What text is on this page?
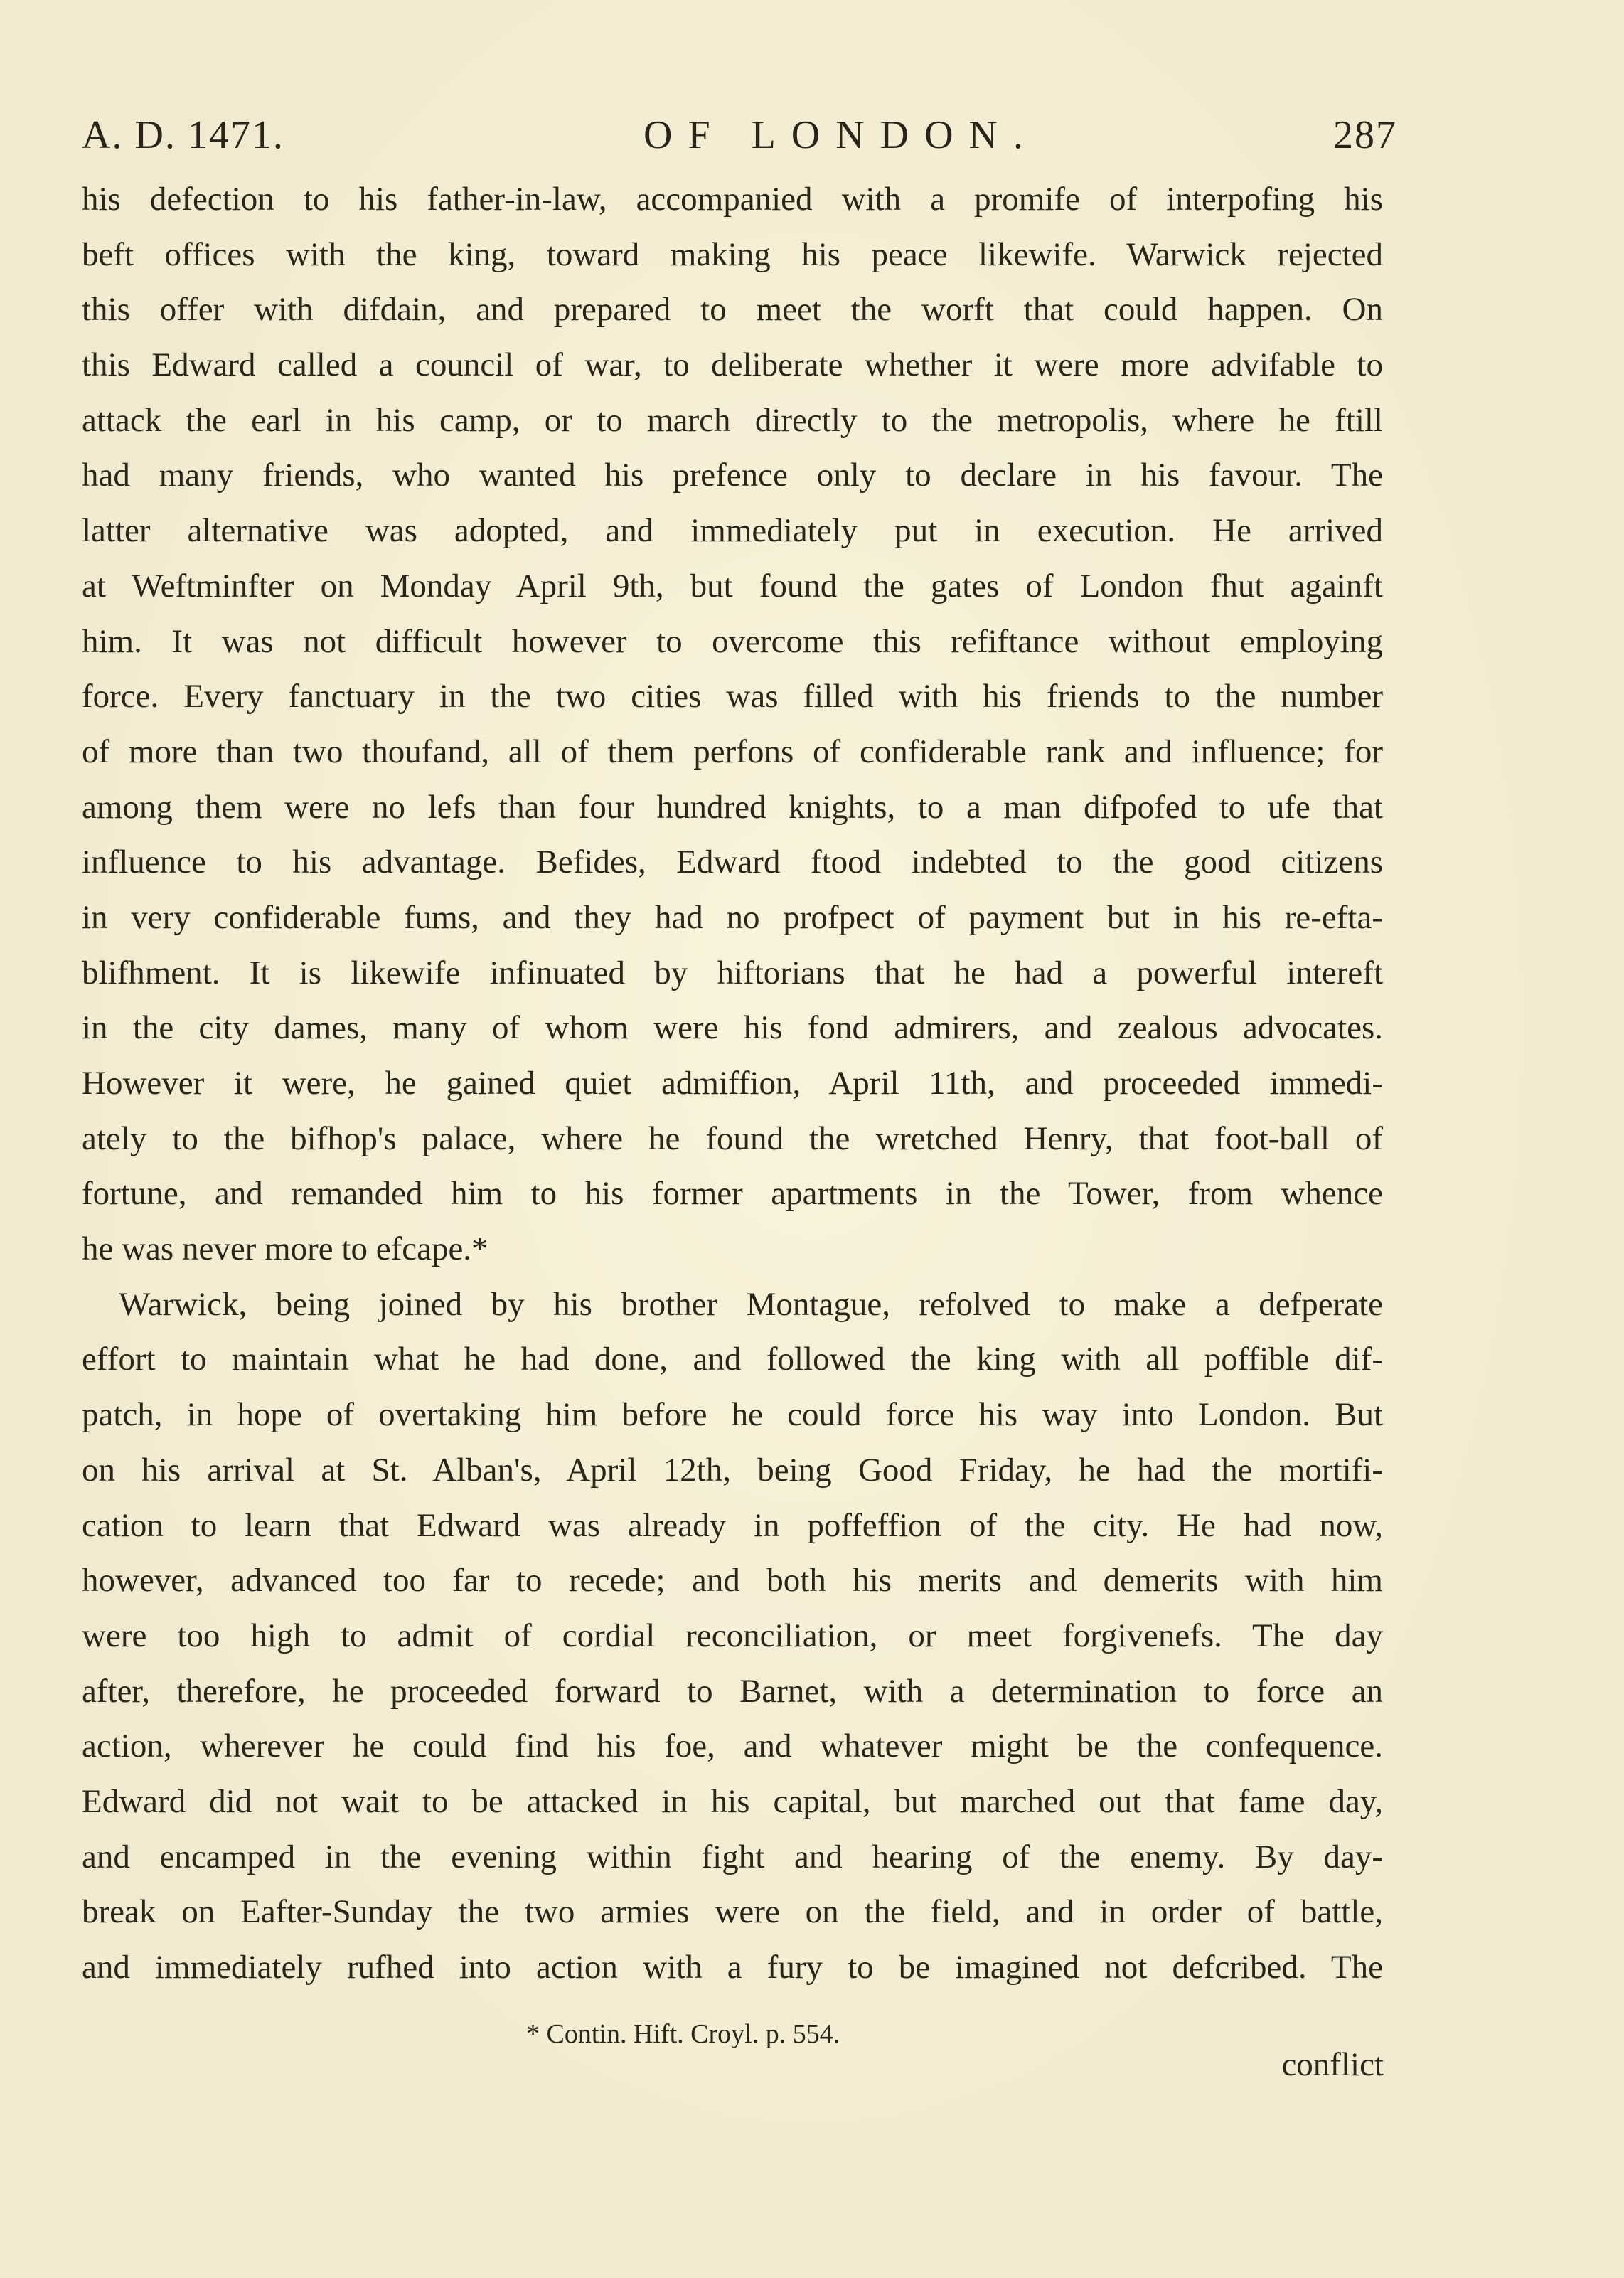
A. D. 1471.	OF LONDON.	287
his defection to his father-in-law, accompanied with a promife of interpofing his
beft offices with the king, toward making his peace likewife. Warwick rejected
this offer with difdain, and prepared to meet the worft that could happen. On
this Edward called a council of war, to deliberate whether it were more advifable to
attack the earl in his camp, or to march directly to the metropolis, where he ftill
had many friends, who wanted his prefence only to declare in his favour. The
latter alternative was adopted, and immediately put in execution. He arrived
at Weftminfter on Monday April 9th, but found the gates of London fhut againft
him. It was not difficult however to overcome this refiftance without employing
force. Every fanctuary in the two cities was filled with his friends to the number
of more than two thoufand, all of them perfons of confiderable rank and influence; for
among them were no lefs than four hundred knights, to a man difpofed to ufe that
influence to his advantage. Befides, Edward ftood indebted to the good citizens
in very confiderable fums, and they had no profpect of payment but in his re-efta-
blifhment. It is likewife infinuated by hiftorians that he had a powerful intereft
in the city dames, many of whom were his fond admirers, and zealous advocates.
However it were, he gained quiet admiffion, April 11th, and proceeded immedi-
ately to the bifhop's palace, where he found the wretched Henry, that foot-ball of
fortune, and remanded him to his former apartments in the Tower, from whence
he was never more to efcape.*
Warwick, being joined by his brother Montague, refolved to make a defperate
effort to maintain what he had done, and followed the king with all poffible dif-
patch, in hope of overtaking him before he could force his way into London. But
on his arrival at St. Alban's, April 12th, being Good Friday, he had the mortifi-
cation to learn that Edward was already in poffeffion of the city. He had now,
however, advanced too far to recede; and both his merits and demerits with him
were too high to admit of cordial reconciliation, or meet forgivenefs. The day
after, therefore, he proceeded forward to Barnet, with a determination to force an
action, wherever he could find his foe, and whatever might be the confequence.
Edward did not wait to be attacked in his capital, but marched out that fame day,
and encamped in the evening within fight and hearing of the enemy. By day-
break on Eafter-Sunday the two armies were on the field, and in order of battle,
and immediately rufhed into action with a fury to be imagined not defcribed. The
* Contin. Hift. Croyl. p. 554.
conflict
